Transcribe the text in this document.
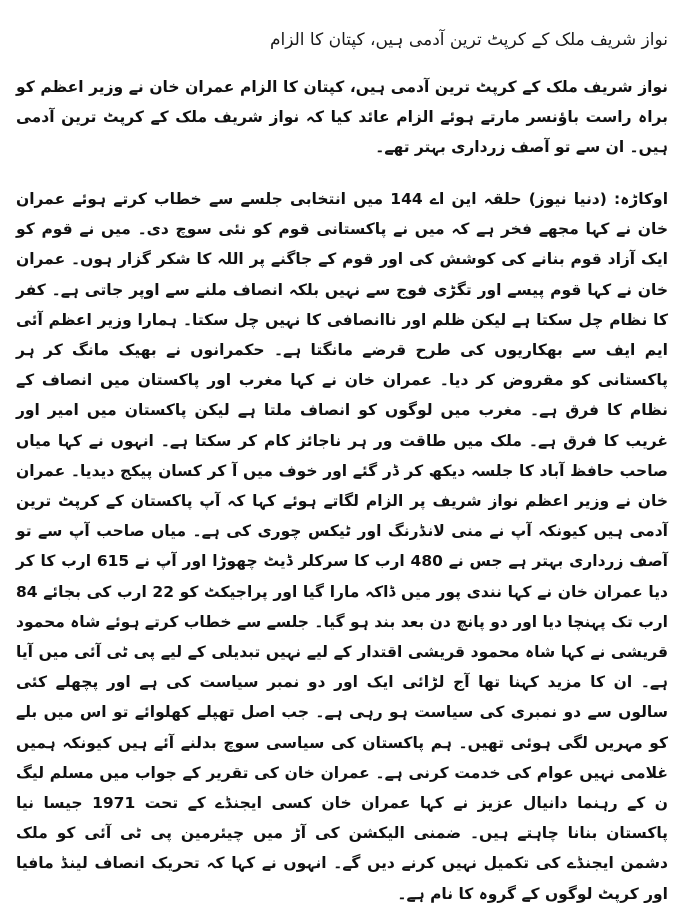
نواز شریف ملک کے کرپٹ ترین آدمی ہیں، کپتان کا الزام

نواز شریف ملک کے کرپٹ ترین آدمی ہیں، کپتان کا الزام عمران خان نے وزیر اعظم کو براہ راست باؤنسر مارتے ہوئے الزام عائد کیا کہ نواز شریف ملک کے کرپٹ ترین آدمی ہیں۔ ان سے تو آصف زرداری بہتر تھے۔

اوکاڑہ: (دنیا نیوز) حلقہ این اے 144 میں انتخابی جلسے سے خطاب کرتے ہوئے عمران خان نے کہا مجھے فخر ہے کہ میں نے پاکستانی قوم کو نئی سوچ دی۔ میں نے قوم کو ایک آزاد قوم بنانے کی کوشش کی اور قوم کے جاگنے پر اللہ کا شکر گزار ہوں۔ عمران خان نے کہا قوم پیسے اور تگڑی فوج سے نہیں بلکہ انصاف ملنے سے اوپر جاتی ہے۔ کفر کا نظام چل سکتا ہے لیکن ظلم اور ناانصافی کا نہیں چل سکتا۔ ہمارا وزیر اعظم آئی ایم ایف سے بھکاریوں کی طرح قرضے مانگتا ہے۔ حکمرانوں نے بھیک مانگ کر ہر پاکستانی کو مقروض کر دیا۔ عمران خان نے کہا مغرب اور پاکستان میں انصاف کے نظام کا فرق ہے۔ مغرب میں لوگوں کو انصاف ملتا ہے لیکن پاکستان میں امیر اور غریب کا فرق ہے۔ ملک میں طاقت ور ہر ناجائز کام کر سکتا ہے۔ انہوں نے کہا میاں صاحب حافظ آباد کا جلسہ دیکھ کر ڈر گئے اور خوف میں آ کر کسان پیکج دیدیا۔ عمران خان نے وزیر اعظم نواز شریف پر الزام لگاتے ہوئے کہا کہ آپ پاکستان کے کرپٹ ترین آدمی ہیں کیونکہ آپ نے منی لانڈرنگ اور ٹیکس چوری کی ہے۔ میاں صاحب آپ سے تو آصف زرداری بہتر ہے جس نے 480 ارب کا سرکلر ڈیٹ چھوڑا اور آپ نے 615 ارب کا کر دیا عمران خان نے کہا نندی پور میں ڈاکہ مارا گیا اور پراجیکٹ کو 22 ارب کی بجائے 84 ارب تک پہنچا دیا اور دو پانچ دن بعد بند ہو گیا۔ جلسے سے خطاب کرتے ہوئے شاہ محمود قریشی نے کہا شاہ محمود قریشی اقتدار کے لیے نہیں تبدیلی کے لیے پی ٹی آئی میں آیا ہے۔ ان کا مزید کہنا تھا آج لڑائی ایک اور دو نمبر سیاست کی ہے اور پچھلے کئی سالوں سے دو نمبری کی سیاست ہو رہی ہے۔ جب اصل تھپلے کھلوائے تو اس میں بلے کو مہریں لگی ہوئی تھیں۔ ہم پاکستان کی سیاسی سوچ بدلنے آئے ہیں کیونکہ ہمیں غلامی نہیں عوام کی خدمت کرنی ہے۔ عمران خان کی تقریر کے جواب میں مسلم لیگ ن کے رہنما دانیال عزیز نے کہا عمران خان کسی ایجنڈے کے تحت 1971 جیسا نیا پاکستان بنانا چاہتے ہیں۔ ضمنی الیکشن کی آڑ میں چیئرمین پی ٹی آئی کو ملک دشمن ایجنڈے کی تکمیل نہیں کرنے دیں گے۔ انہوں نے کہا کہ تحریک انصاف لینڈ مافیا اور کرپٹ لوگوں کے گروہ کا نام ہے۔
